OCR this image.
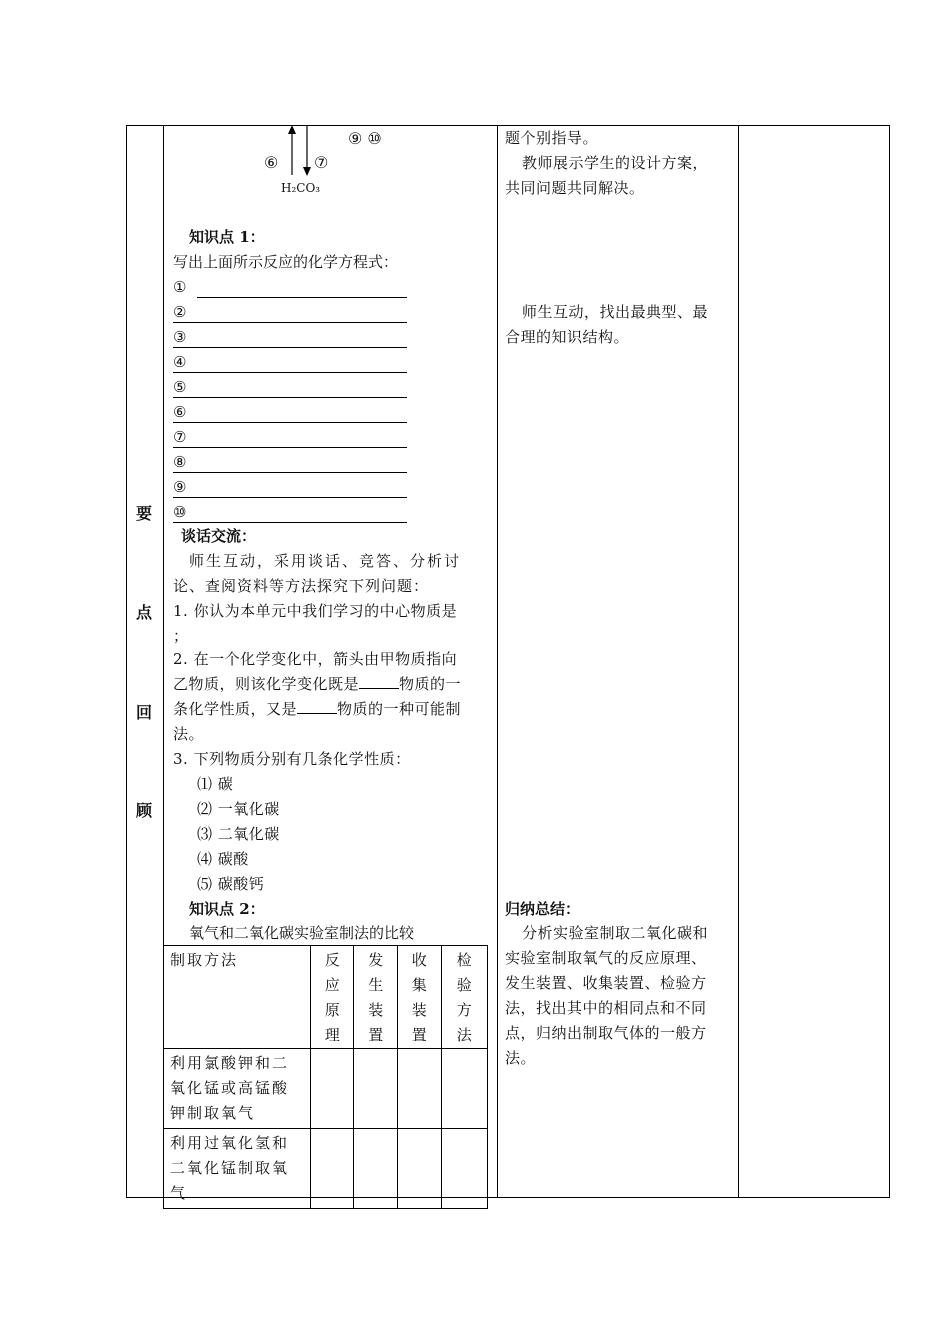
要
点
回
顾
⑨ ⑩
⑥ ⑦
H₂CO₃
知识点 1：
写出上面所示反应的化学方程式：
①
②
③
④
⑤
⑥
⑦
⑧
⑨
⑩
谈话交流：
师生互动，采用谈话、竞答、分析讨
论、查阅资料等方法探究下列问题：
1. 你认为本单元中我们学习的中心物质是
；
2. 在一个化学变化中，箭头由甲物质指向
乙物质，则该化学变化既是	物质的一
条化学性质，又是	物质的一种可能制
法。
3. 下列物质分别有几条化学性质：
⑴ 碳
⑵ 一氧化碳
⑶ 二氧化碳
⑷ 碳酸
⑸ 碳酸钙
知识点 2：
氧气和二氧化碳实验室制法的比较
制取方法	反
应
原
理	发
生
装
置	收
集
装
置	检
验
方
法

利用氯酸钾和二
氧化锰或高锰酸
钾制取氧气				

利用过氧化氢和
二氧化锰制取氧
气				

题个别指导。
教师展示学生的设计方案，
共同问题共同解决。
师生互动，找出最典型、最
合理的知识结构。
归纳总结：
分析实验室制取二氧化碳和
实验室制取氧气的反应原理、
发生装置、收集装置、检验方
法，找出其中的相同点和不同
点，归纳出制取气体的一般方
法。
